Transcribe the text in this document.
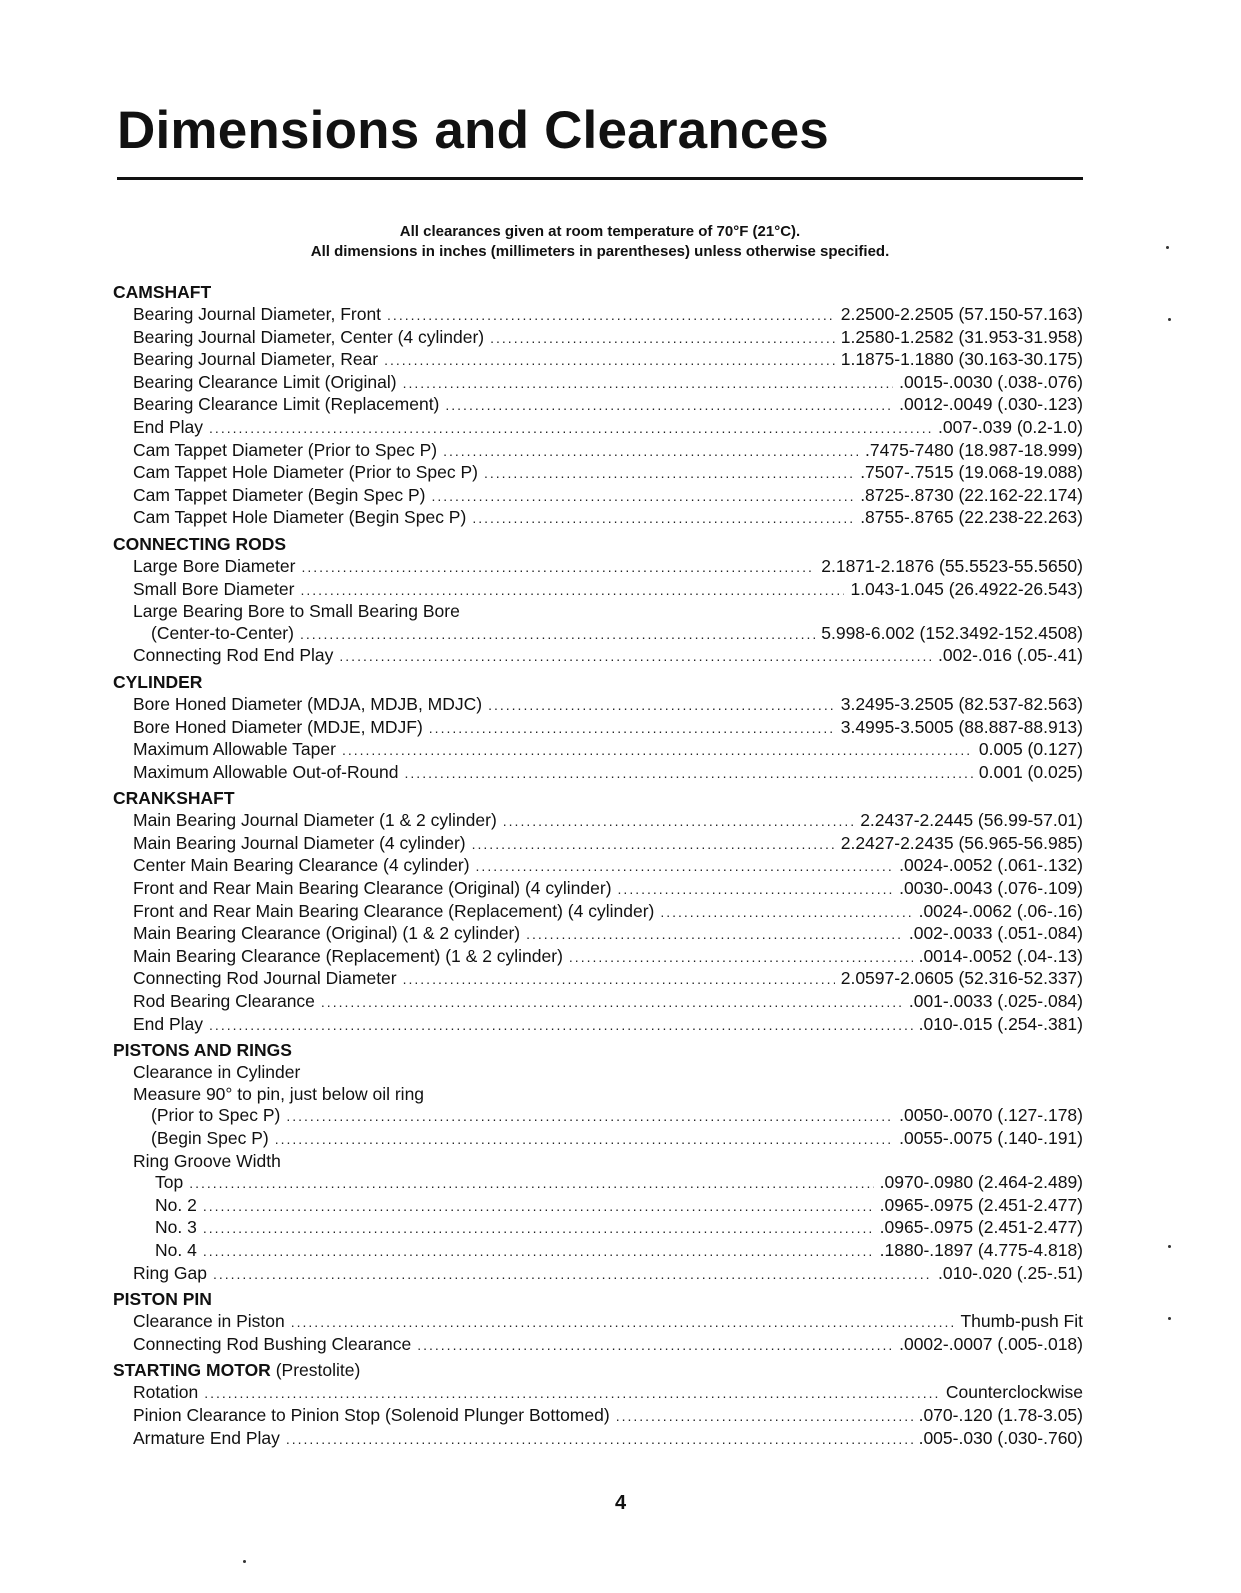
Dimensions and Clearances
All clearances given at room temperature of 70°F (21°C).
All dimensions in inches (millimeters in parentheses) unless otherwise specified.
CAMSHAFT
Bearing Journal Diameter, Front .....	2.2500-2.2505 (57.150-57.163)
Bearing Journal Diameter, Center (4 cylinder) .....	1.2580-1.2582 (31.953-31.958)
Bearing Journal Diameter, Rear .....	1.1875-1.1880 (30.163-30.175)
Bearing Clearance Limit (Original) .....	.0015-.0030 (.038-.076)
Bearing Clearance Limit (Replacement) .....	.0012-.0049 (.030-.123)
End Play .....	.007-.039 (0.2-1.0)
Cam Tappet Diameter (Prior to Spec P) .....	.7475-7480 (18.987-18.999)
Cam Tappet Hole Diameter (Prior to Spec P) .....	.7507-.7515 (19.068-19.088)
Cam Tappet Diameter (Begin Spec P) .....	.8725-.8730 (22.162-22.174)
Cam Tappet Hole Diameter (Begin Spec P) .....	.8755-.8765 (22.238-22.263)
CONNECTING RODS
Large Bore Diameter .....	2.1871-2.1876 (55.5523-55.5650)
Small Bore Diameter .....	1.043-1.045 (26.4922-26.543)
Large Bearing Bore to Small Bearing Bore
(Center-to-Center) .....	5.998-6.002 (152.3492-152.4508)
Connecting Rod End Play .....	.002-.016 (.05-.41)
CYLINDER
Bore Honed Diameter (MDJA, MDJB, MDJC) .....	3.2495-3.2505 (82.537-82.563)
Bore Honed Diameter (MDJE, MDJF) .....	3.4995-3.5005 (88.887-88.913)
Maximum Allowable Taper .....	0.005 (0.127)
Maximum Allowable Out-of-Round .....	0.001 (0.025)
CRANKSHAFT
Main Bearing Journal Diameter (1 & 2 cylinder) .....	2.2437-2.2445 (56.99-57.01)
Main Bearing Journal Diameter (4 cylinder) .....	2.2427-2.2435 (56.965-56.985)
Center Main Bearing Clearance (4 cylinder) .....	.0024-.0052 (.061-.132)
Front and Rear Main Bearing Clearance (Original) (4 cylinder) .....	.0030-.0043 (.076-.109)
Front and Rear Main Bearing Clearance (Replacement) (4 cylinder) .....	.0024-.0062 (.06-.16)
Main Bearing Clearance (Original) (1 & 2 cylinder) .....	.002-.0033 (.051-.084)
Main Bearing Clearance (Replacement) (1 & 2 cylinder) .....	.0014-.0052 (.04-.13)
Connecting Rod Journal Diameter .....	2.0597-2.0605 (52.316-52.337)
Rod Bearing Clearance .....	.001-.0033 (.025-.084)
End Play .....	.010-.015 (.254-.381)
PISTONS AND RINGS
Clearance in Cylinder
Measure 90° to pin, just below oil ring
(Prior to Spec P) .....	.0050-.0070 (.127-.178)
(Begin Spec P) .....	.0055-.0075 (.140-.191)
Ring Groove Width
Top .....	.0970-.0980 (2.464-2.489)
No. 2 .....	.0965-.0975 (2.451-2.477)
No. 3 .....	.0965-.0975 (2.451-2.477)
No. 4 .....	.1880-.1897 (4.775-4.818)
Ring Gap .....	.010-.020 (.25-.51)
PISTON PIN
Clearance in Piston .....	Thumb-push Fit
Connecting Rod Bushing Clearance .....	.0002-.0007 (.005-.018)
STARTING MOTOR (Prestolite)
Rotation .....	Counterclockwise
Pinion Clearance to Pinion Stop (Solenoid Plunger Bottomed) .....	.070-.120 (1.78-3.05)
Armature End Play .....	.005-.030 (.030-.760)
4
